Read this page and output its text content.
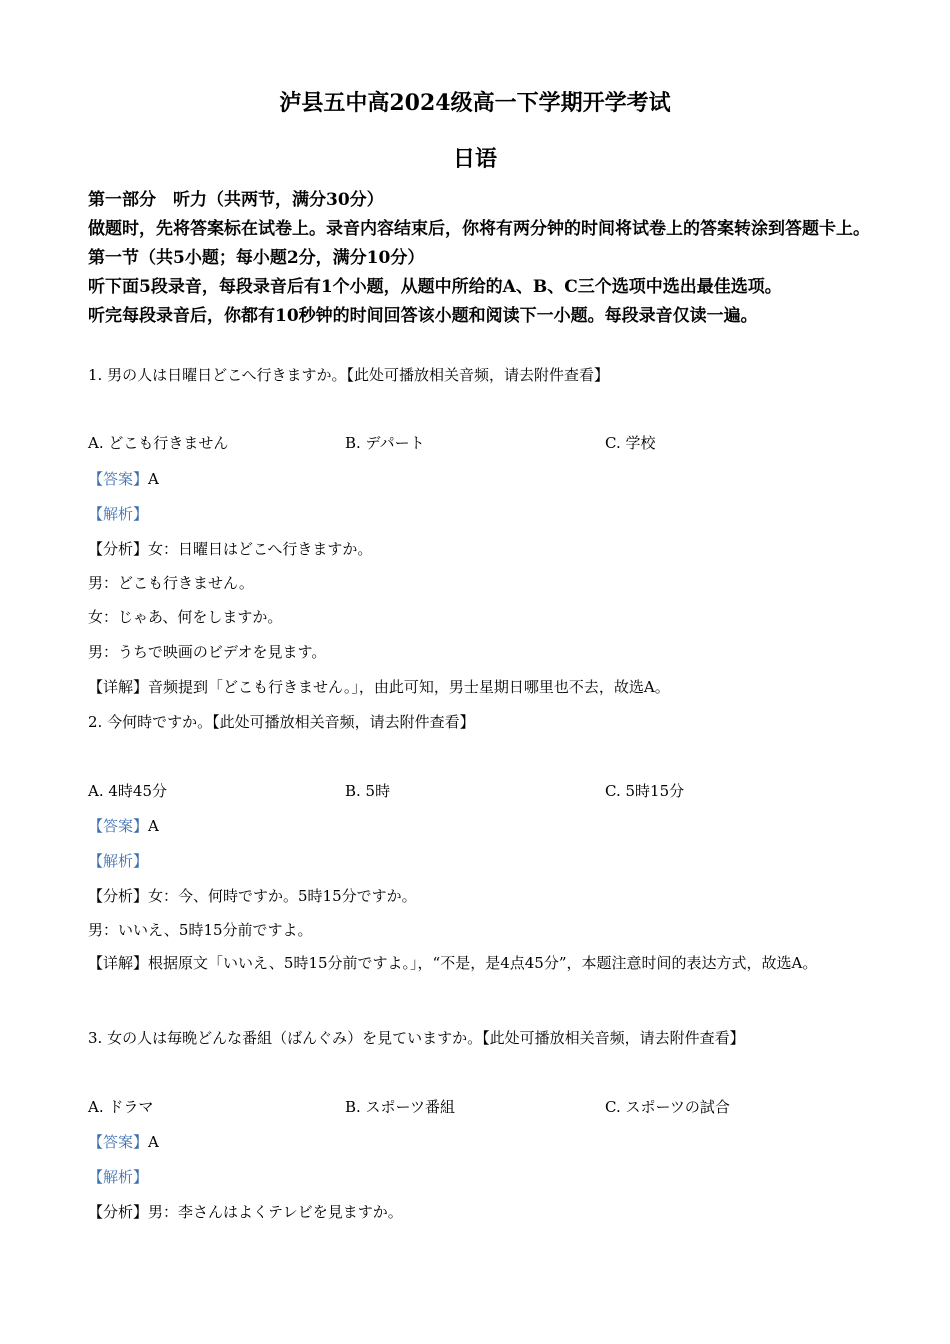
泸县五中高2024级高一下学期开学考试
日语
第一部分　听力（共两节，满分30分）
做题时，先将答案标在试卷上。录音内容结束后，你将有两分钟的时间将试卷上的答案转涂到答题卡上。
第一节（共5小题；每小题2分，满分10分）
听下面5段录音，每段录音后有1个小题，从题中所给的A、B、C三个选项中选出最佳选项。
听完每段录音后，你都有10秒钟的时间回答该小题和阅读下一小题。每段录音仅读一遍。
1. 男の人は日曜日どこへ行きますか。【此处可播放相关音频，请去附件查看】
A. どこも行きません	B. デパート	C. 学校
【答案】A
【解析】
【分析】女：日曜日はどこへ行きますか。
男：どこも行きません。
女：じゃあ、何をしますか。
男：うちで映画のビデオを見ます。
【详解】音频提到「どこも行きません。」，由此可知，男士星期日哪里也不去，故选A。
2. 今何時ですか。【此处可播放相关音频，请去附件查看】
A. 4時45分	B. 5時	C. 5時15分
【答案】A
【解析】
【分析】女：今、何時ですか。5時15分ですか。
男：いいえ、5時15分前ですよ。
【详解】根据原文「いいえ、5時15分前ですよ。」，“不是，是4点45分”，本题注意时间的表达方式，故选A。
3. 女の人は毎晩どんな番組（ばんぐみ）を見ていますか。【此处可播放相关音频，请去附件查看】
A. ドラマ	B. スポーツ番組	C. スポーツの試合
【答案】A
【解析】
【分析】男：李さんはよくテレビを見ますか。
